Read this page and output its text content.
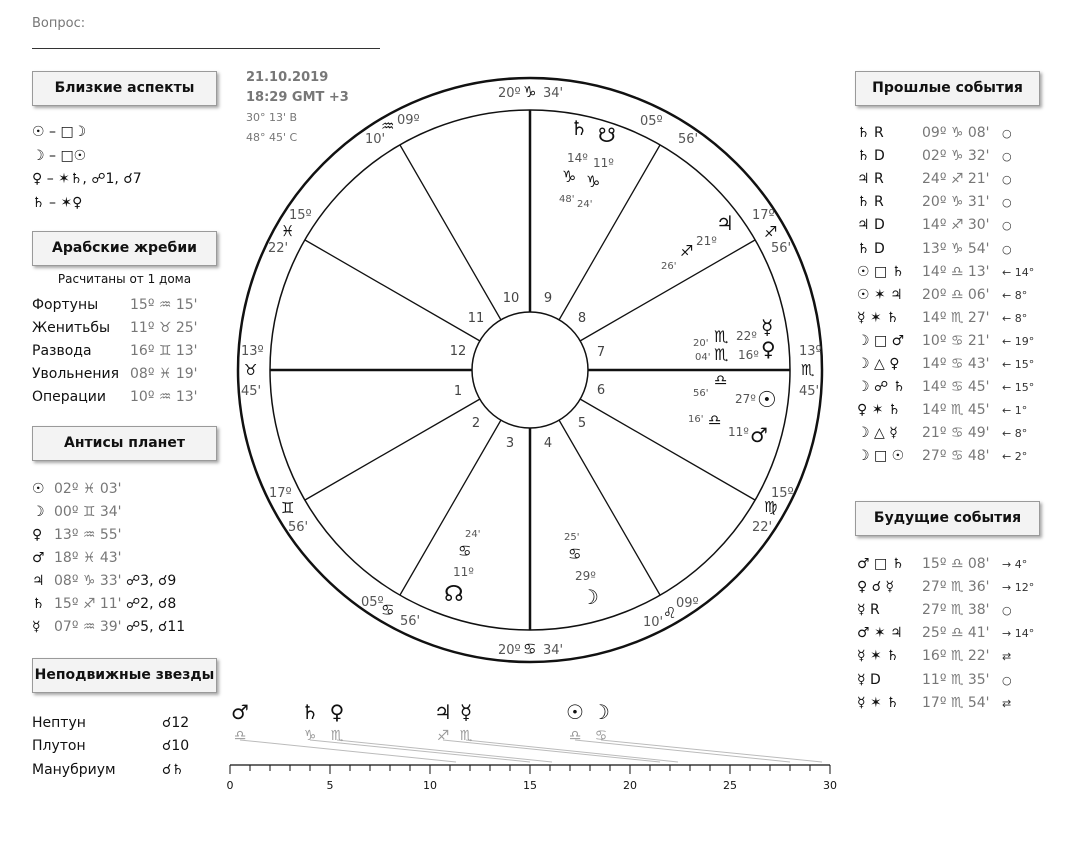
Вопрос:
21.10.2019
18:29 GMT +3
30° 13' В
48° 45' С
Близкие аспекты
☉ – □☽
☽ – □☉
♀ – ✶♄, ☍1, ☌7
♄ – ✶♀
Арабские жребии
Расчитаны от 1 дома
Фортуны 15º ♒ 15'
Женитьбы 11º ♉ 25'
Развода	16º ♊ 13'
Увольнения 08º ♓ 19'
Операции 10º ♒ 13'
Антисы планет
☉ 02º ♓ 03'
☽ 00º ♊ 34'
♀ 13º ♒ 55'
♂ 18º ♓ 43'
♃ 08º ♑ 33' ☍3, ☌9
♄ 15º ♐ 11' ☍2, ☌8
☿ 07º ♒ 39' ☍5, ☌11
Неподвижные звезды
Нептун	☌12
Плутон	☌10
Манубриум	☌♄
Прошлые события
♄ R	09º ♑ 08' ○
♄ D	02º ♑ 32' ○
♃ R	24º ♐ 21' ○
♄ R	20º ♑ 31' ○
♃ D	14º ♐ 30' ○
♄ D	13º ♑ 54' ○
☉ □ ♄ 14º ♎ 13' ← 14°
☉ ✶ ♃ 20º ♎ 06' ← 8°
☿ ✶ ♄ 14º ♏ 27' ← 8°
☽ □ ♂ 10º ♋ 21' ← 19°
☽ △ ♀ 14º ♋ 43' ← 15°
☽ ☍ ♄ 14º ♋ 45' ← 15°
♀ ✶ ♄ 14º ♏ 45' ← 1°
☽ △ ☿ 21º ♋ 49' ← 8°
☽ □ ☉ 27º ♋ 48' ← 2°
Будущие события
♂ □ ♄ 15º ♎ 08' → 4°
♀ ☌ ☿ 27º ♏ 36' → 12°
☿ R	27º ♏ 38' ○
♂ ✶ ♃ 25º ♎ 41' → 14°
☿ ✶ ♄ 16º ♏ 22' ⇄
☿ D	11º ♏ 35' ○
☿ ✶ ♄ 17º ♏ 54' ⇄
1
2
3 4
5
6
7
8
9
10
11
12
20º ♑ 34'
05º
56'
17º
♐
56'
13º
♏
45'
15º
♍
22'
09º
♌
10'
20º ♋ 34'
05º
♋
56'
17º
♊
56'
13º
♉
45'
15º
♓
22'
09º
♒
10'	♄
14º
♑
48'
☋
11º
♑
24'
♃
21º
♐
26'
☿
22º
♏
20'	♀
16º
♏
04'
☉
27º
♎
56'
♂
11º
♎
16'
☽
29º
♋
25'
☊
11º
♋
24'
0	5	10	15	20	25	30
♂
♎
♄
♑
♀
♏
♃
♐
☿
♏
☉
♎
☽
♋
